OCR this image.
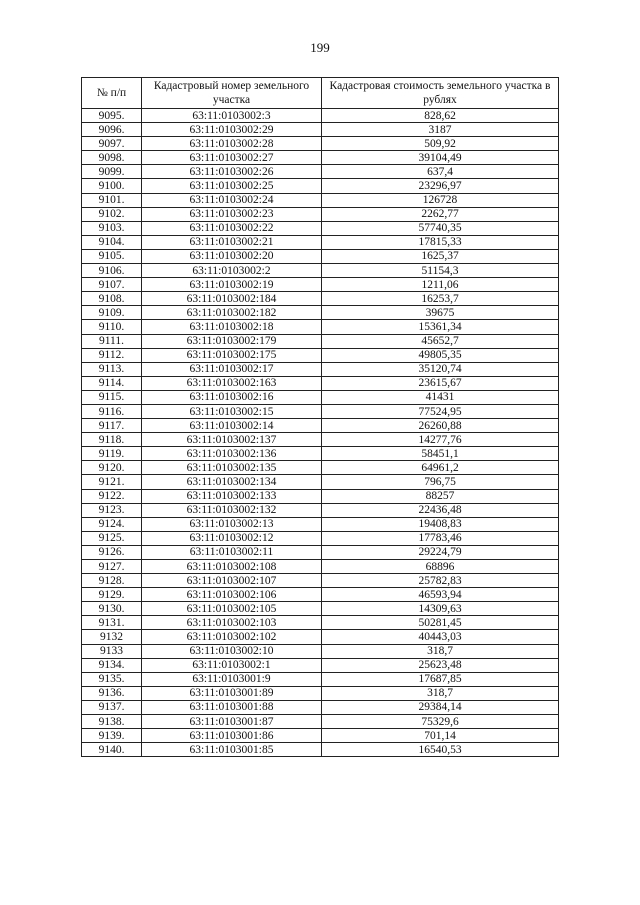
199
№ п/п	Кадастровый номер земельного участка	Кадастровая стоимость земельного участка в рублях
9095.	63:11:0103002:3	828,62
9096.	63:11:0103002:29	3187
9097.	63:11:0103002:28	509,92
9098.	63:11:0103002:27	39104,49
9099.	63:11:0103002:26	637,4
9100.	63:11:0103002:25	23296,97
9101.	63:11:0103002:24	126728
9102.	63:11:0103002:23	2262,77
9103.	63:11:0103002:22	57740,35
9104.	63:11:0103002:21	17815,33
9105.	63:11:0103002:20	1625,37
9106.	63:11:0103002:2	51154,3
9107.	63:11:0103002:19	1211,06
9108.	63:11:0103002:184	16253,7
9109.	63:11:0103002:182	39675
9110.	63:11:0103002:18	15361,34
9111.	63:11:0103002:179	45652,7
9112.	63:11:0103002:175	49805,35
9113.	63:11:0103002:17	35120,74
9114.	63:11:0103002:163	23615,67
9115.	63:11:0103002:16	41431
9116.	63:11:0103002:15	77524,95
9117.	63:11:0103002:14	26260,88
9118.	63:11:0103002:137	14277,76
9119.	63:11:0103002:136	58451,1
9120.	63:11:0103002:135	64961,2
9121.	63:11:0103002:134	796,75
9122.	63:11:0103002:133	88257
9123.	63:11:0103002:132	22436,48
9124.	63:11:0103002:13	19408,83
9125.	63:11:0103002:12	17783,46
9126.	63:11:0103002:11	29224,79
9127.	63:11:0103002:108	68896
9128.	63:11:0103002:107	25782,83
9129.	63:11:0103002:106	46593,94
9130.	63:11:0103002:105	14309,63
9131.	63:11:0103002:103	50281,45
9132	63:11:0103002:102	40443,03
9133	63:11:0103002:10	318,7
9134.	63:11:0103002:1	25623,48
9135.	63:11:0103001:9	17687,85
9136.	63:11:0103001:89	318,7
9137.	63:11:0103001:88	29384,14
9138.	63:11:0103001:87	75329,6
9139.	63:11:0103001:86	701,14
9140.	63:11:0103001:85	16540,53
